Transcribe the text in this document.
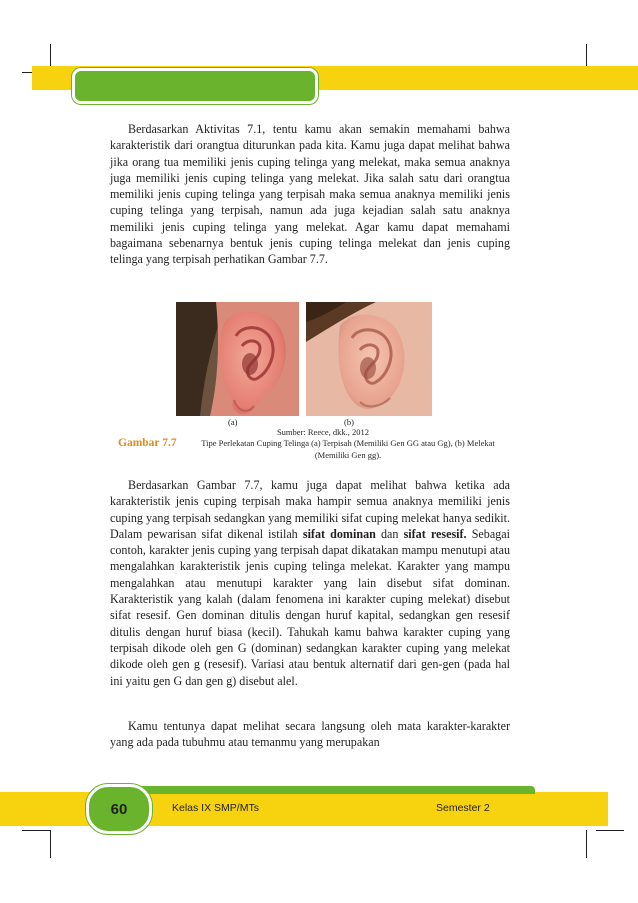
Berdasarkan Aktivitas 7.1, tentu kamu akan semakin memahami bahwa karakteristik dari orangtua diturunkan pada kita. Kamu juga dapat melihat bahwa jika orang tua memiliki jenis cuping telinga yang melekat, maka semua anaknya juga memiliki jenis cuping telinga yang melekat. Jika salah satu dari orangtua memiliki jenis cuping telinga yang terpisah maka semua anaknya memiliki jenis cuping telinga yang terpisah, namun ada juga kejadian salah satu anaknya memiliki jenis cuping telinga yang melekat. Agar kamu dapat memahami bagaimana sebenarnya bentuk jenis cuping telinga melekat dan jenis cuping telinga yang terpisah perhatikan Gambar 7.7.

(a)	(b)
Sumber: Reece, dkk., 2012
Gambar 7.7	Tipe Perlekatan Cuping Telinga (a) Terpisah (Memiliki Gen GG atau Gg), (b) Melekat (Memiliki Gen gg).

Berdasarkan Gambar 7.7, kamu juga dapat melihat bahwa ketika ada karakteristik jenis cuping terpisah maka hampir semua anaknya memiliki jenis cuping yang terpisah sedangkan yang memiliki sifat cuping melekat hanya sedikit. Dalam pewarisan sifat dikenal istilah sifat dominan dan sifat resesif. Sebagai contoh, karakter jenis cuping yang terpisah dapat dikatakan mampu menutupi atau mengalahkan karakteristik jenis cuping telinga melekat. Karakter yang mampu mengalahkan atau menutupi karakter yang lain disebut sifat dominan. Karakteristik yang kalah (dalam fenomena ini karakter cuping melekat) disebut sifat resesif. Gen dominan ditulis dengan huruf kapital, sedangkan gen resesif ditulis dengan huruf biasa (kecil). Tahukah kamu bahwa karakter cuping yang terpisah dikode oleh gen G (dominan) sedangkan karakter cuping yang melekat dikode oleh gen g (resesif). Variasi atau bentuk alternatif dari gen-gen (pada hal ini yaitu gen G dan gen g) disebut alel.

Kamu tentunya dapat melihat secara langsung oleh mata karakter-karakter yang ada pada tubuhmu atau temanmu yang merupakan

60	Kelas IX SMP/MTs	Semester 2
